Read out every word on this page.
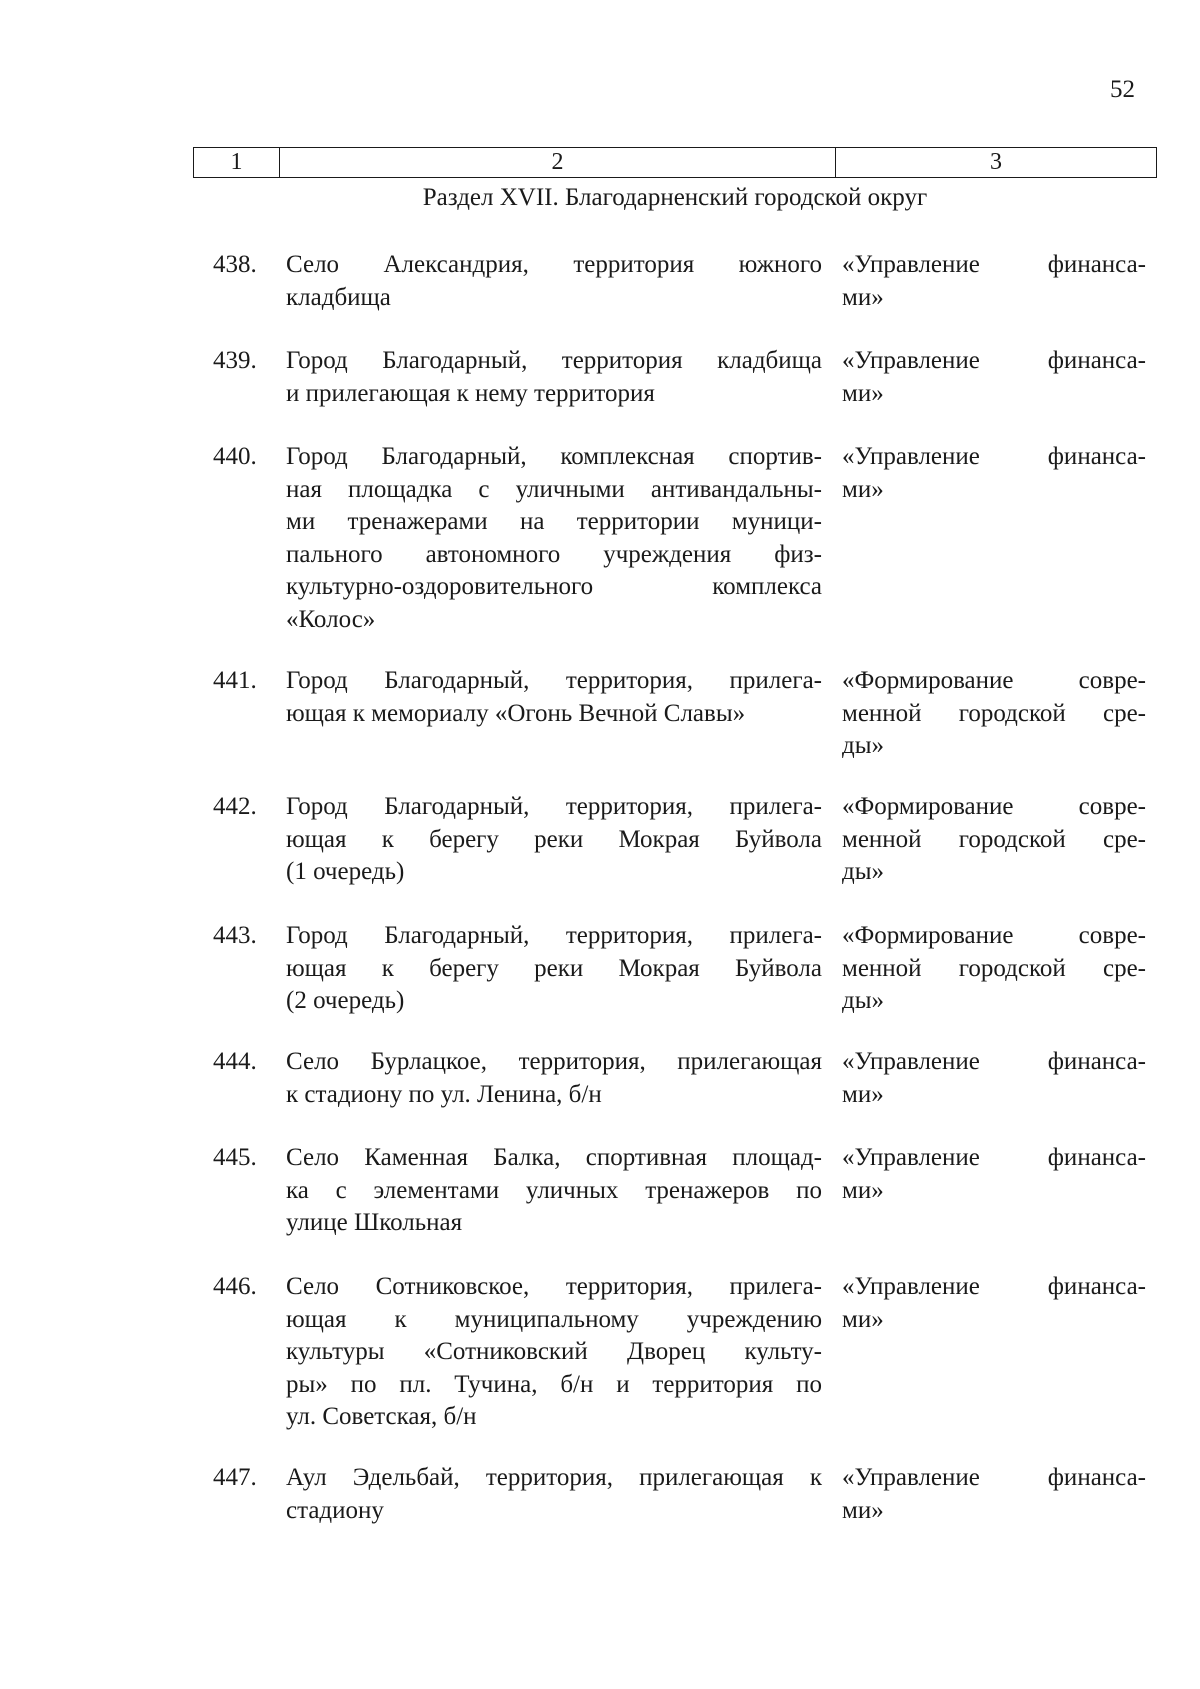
52
1	2	3
Раздел XVII. Благодарненский городской округ
438. Село Александрия, территория южного
кладбища
«Управление финанса-
ми»
439. Город Благодарный, территория кладбища
и прилегающая к нему территория
«Управление финанса-
ми»
440. Город Благодарный, комплексная спортив-
ная площадка с уличными антивандальны-
ми тренажерами на территории муници-
пального автономного учреждения физ-
культурно-оздоровительного комплекса
«Колос»
«Управление финанса-
ми»
441. Город Благодарный, территория, прилега-
ющая к мемориалу «Огонь Вечной Славы»
«Формирование совре-
менной городской сре-
ды»
442. Город Благодарный, территория, прилега-
ющая к берегу реки Мокрая Буйвола
(1 очередь)
«Формирование совре-
менной городской сре-
ды»
443. Город Благодарный, территория, прилега-
ющая к берегу реки Мокрая Буйвола
(2 очередь)
«Формирование совре-
менной городской сре-
ды»
444. Село Бурлацкое, территория, прилегающая
к стадиону по ул. Ленина, б/н
«Управление финанса-
ми»
445. Село Каменная Балка, спортивная площад-
ка с элементами уличных тренажеров по
улице Школьная
«Управление финанса-
ми»
446. Село Сотниковское, территория, прилега-
ющая к муниципальному учреждению
культуры «Сотниковский Дворец культу-
ры» по пл. Тучина, б/н и территория по
ул. Советская, б/н
«Управление финанса-
ми»
447. Аул Эдельбай, территория, прилегающая к
стадиону
«Управление финанса-
ми»
